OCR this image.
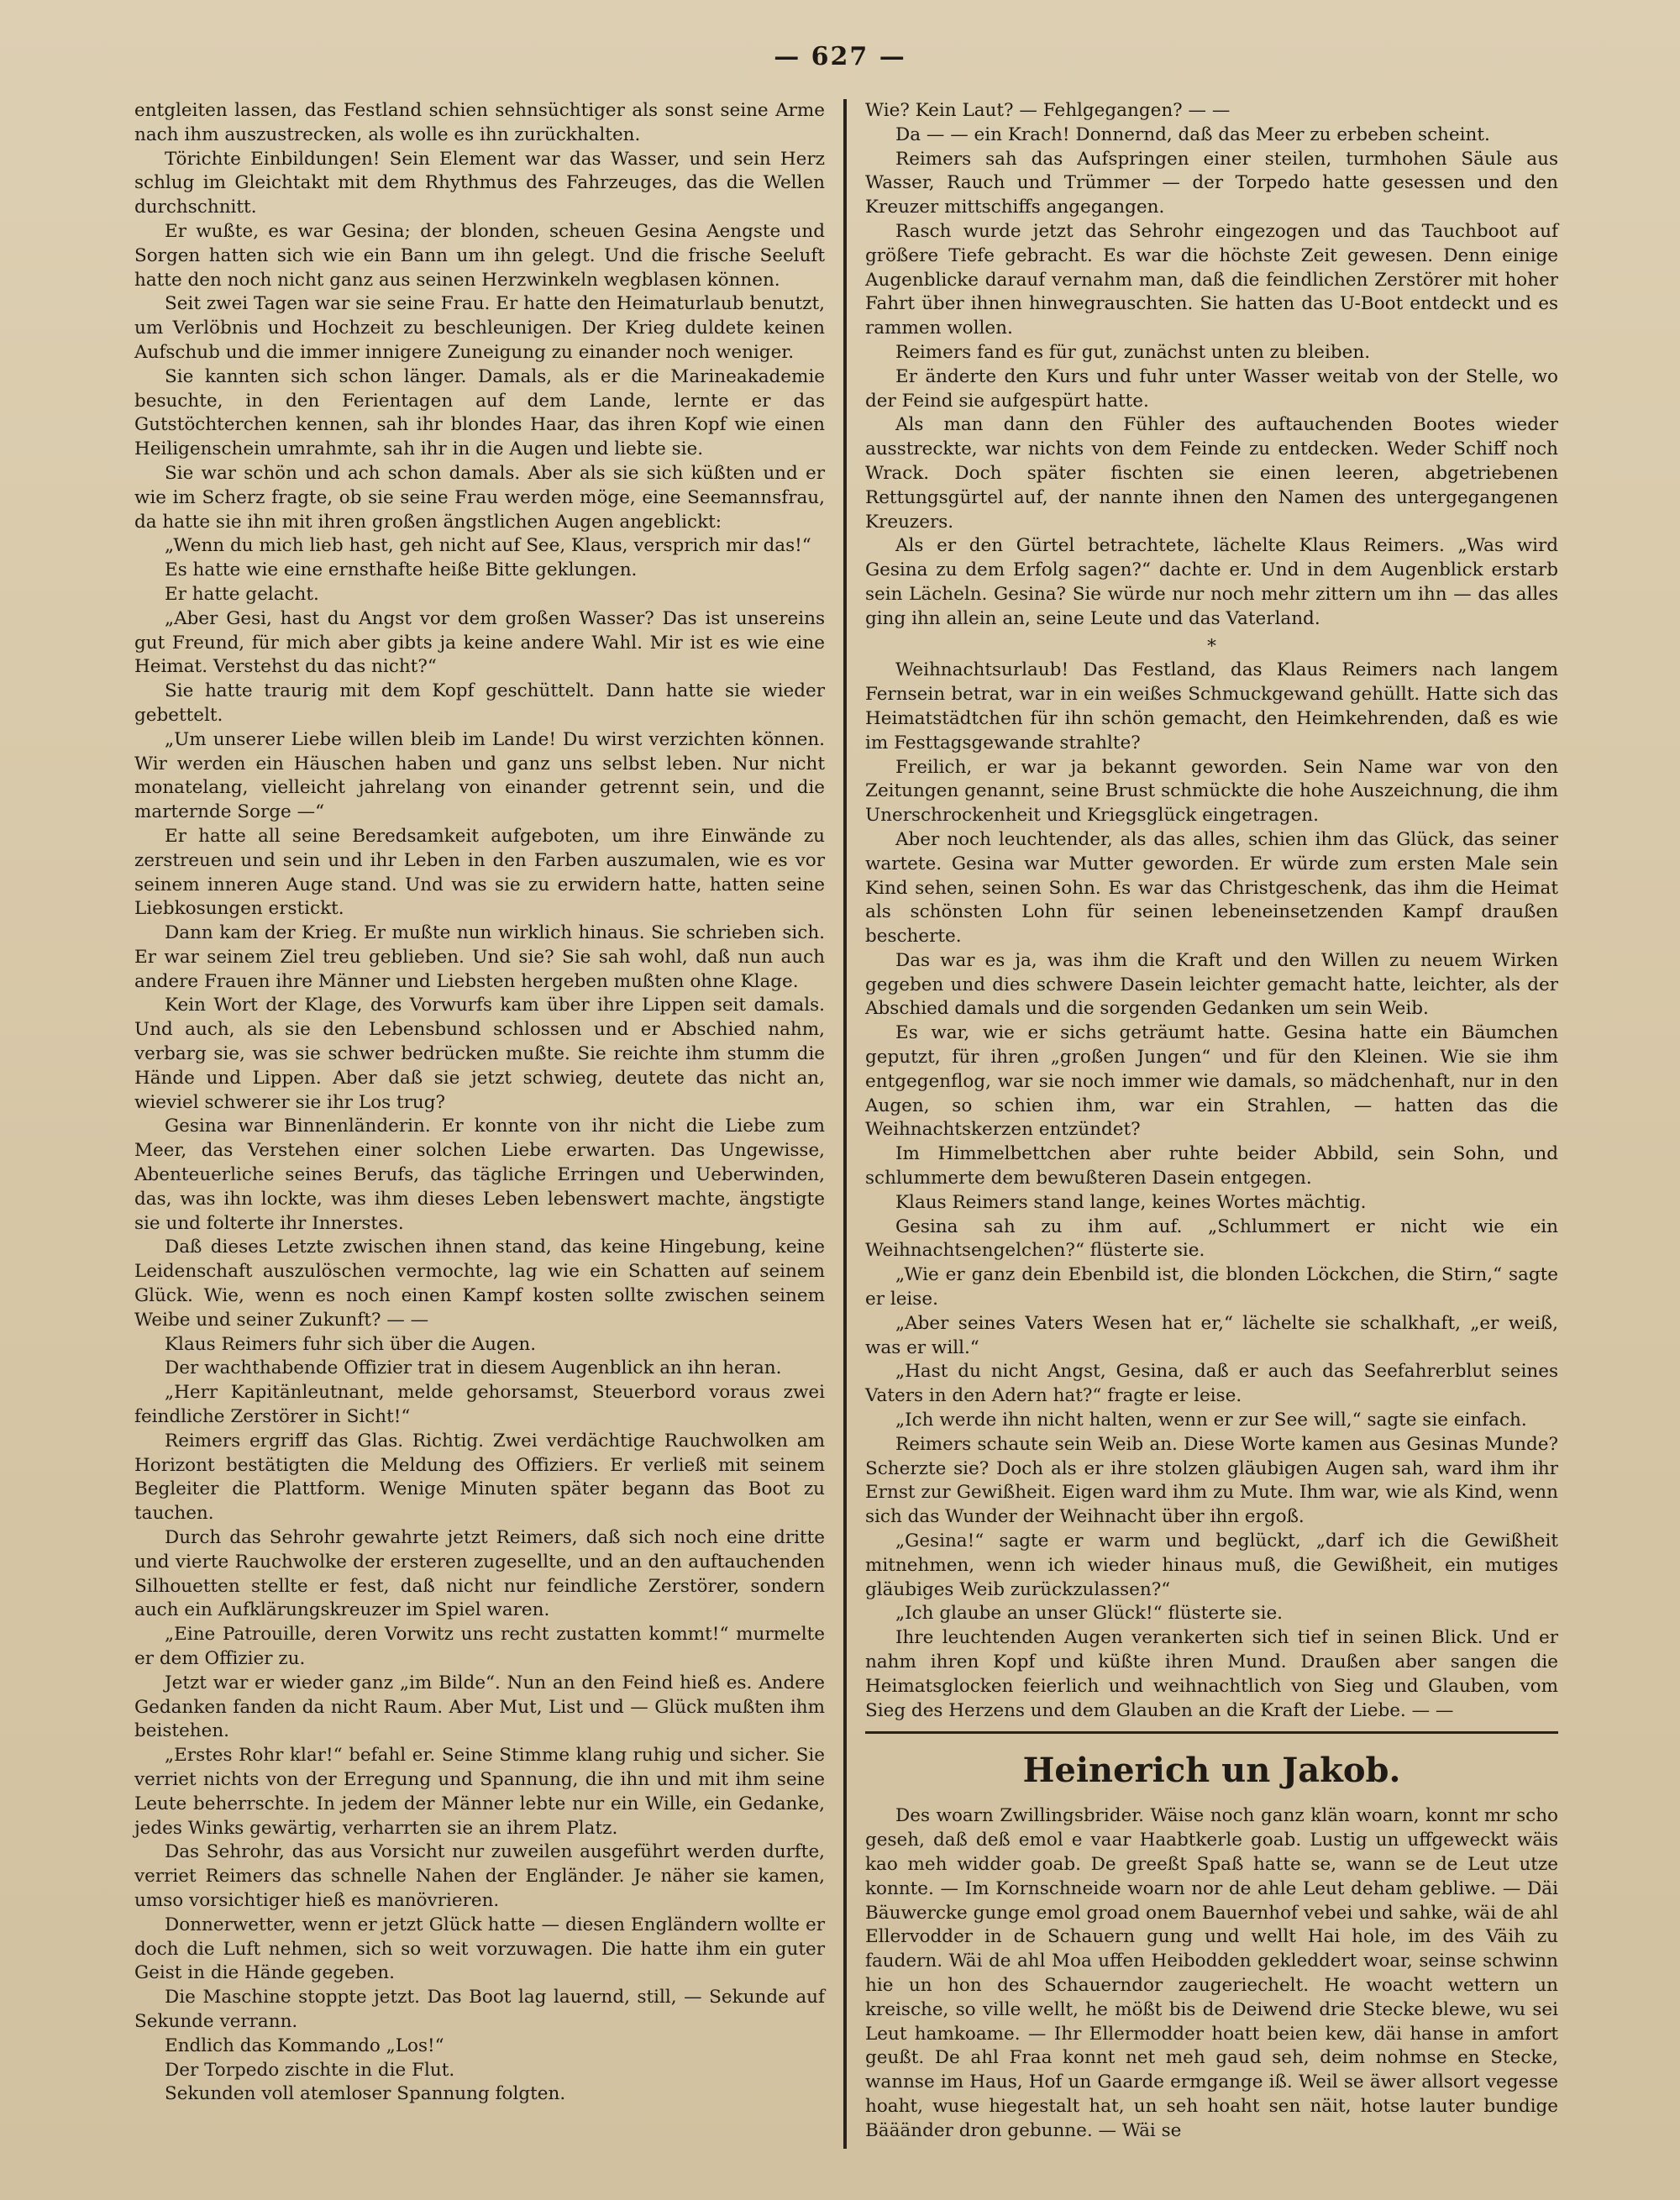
— 627 —

entgleiten lassen, das Festland schien sehnsüchtiger als sonst seine Arme nach ihm auszustrecken, als wolle es ihn zurückhalten.

Törichte Einbildungen! Sein Element war das Wasser, und sein Herz schlug im Gleichtakt mit dem Rhythmus des Fahrzeuges, das die Wellen durchschnitt.

Er wußte, es war Gesina; der blonden, scheuen Gesina Aengste und Sorgen hatten sich wie ein Bann um ihn gelegt. Und die frische Seeluft hatte den noch nicht ganz aus seinen Herzwinkeln wegblasen können.

Seit zwei Tagen war sie seine Frau. Er hatte den Heimaturlaub benutzt, um Verlöbnis und Hochzeit zu beschleunigen. Der Krieg duldete keinen Aufschub und die immer innigere Zuneigung zu einander noch weniger.

Sie kannten sich schon länger. Damals, als er die Marineakademie besuchte, in den Ferientagen auf dem Lande, lernte er das Gutstöchterchen kennen, sah ihr blondes Haar, das ihren Kopf wie einen Heiligenschein umrahmte, sah ihr in die Augen und liebte sie.

Sie war schön und ach schon damals. Aber als sie sich küßten und er wie im Scherz fragte, ob sie seine Frau werden möge, eine Seemannsfrau, da hatte sie ihn mit ihren großen ängstlichen Augen angeblickt:

„Wenn du mich lieb hast, geh nicht auf See, Klaus, versprich mir das!“

Es hatte wie eine ernsthafte heiße Bitte geklungen.

Er hatte gelacht.

„Aber Gesi, hast du Angst vor dem großen Wasser? Das ist unsereins gut Freund, für mich aber gibts ja keine andere Wahl. Mir ist es wie eine Heimat. Verstehst du das nicht?“

Sie hatte traurig mit dem Kopf geschüttelt. Dann hatte sie wieder gebettelt.

„Um unserer Liebe willen bleib im Lande! Du wirst verzichten können. Wir werden ein Häuschen haben und ganz uns selbst leben. Nur nicht monatelang, vielleicht jahrelang von einander getrennt sein, und die marternde Sorge —“

Er hatte all seine Beredsamkeit aufgeboten, um ihre Einwände zu zerstreuen und sein und ihr Leben in den Farben auszumalen, wie es vor seinem inneren Auge stand. Und was sie zu erwidern hatte, hatten seine Liebkosungen erstickt.

Dann kam der Krieg. Er mußte nun wirklich hinaus. Sie schrieben sich. Er war seinem Ziel treu geblieben. Und sie? Sie sah wohl, daß nun auch andere Frauen ihre Männer und Liebsten hergeben mußten ohne Klage.

Kein Wort der Klage, des Vorwurfs kam über ihre Lippen seit damals. Und auch, als sie den Lebensbund schlossen und er Abschied nahm, verbarg sie, was sie schwer bedrücken mußte. Sie reichte ihm stumm die Hände und Lippen. Aber daß sie jetzt schwieg, deutete das nicht an, wieviel schwerer sie ihr Los trug?

Gesina war Binnenländerin. Er konnte von ihr nicht die Liebe zum Meer, das Verstehen einer solchen Liebe erwarten. Das Ungewisse, Abenteuerliche seines Berufs, das tägliche Erringen und Ueberwinden, das, was ihn lockte, was ihm dieses Leben lebenswert machte, ängstigte sie und folterte ihr Innerstes.

Daß dieses Letzte zwischen ihnen stand, das keine Hingebung, keine Leidenschaft auszulöschen vermochte, lag wie ein Schatten auf seinem Glück. Wie, wenn es noch einen Kampf kosten sollte zwischen seinem Weibe und seiner Zukunft? — —

Klaus Reimers fuhr sich über die Augen.

Der wachthabende Offizier trat in diesem Augenblick an ihn heran.

„Herr Kapitänleutnant, melde gehorsamst, Steuerbord voraus zwei feindliche Zerstörer in Sicht!“

Reimers ergriff das Glas. Richtig. Zwei verdächtige Rauchwolken am Horizont bestätigten die Meldung des Offiziers. Er verließ mit seinem Begleiter die Plattform. Wenige Minuten später begann das Boot zu tauchen.

Durch das Sehrohr gewahrte jetzt Reimers, daß sich noch eine dritte und vierte Rauchwolke der ersteren zugesellte, und an den auftauchenden Silhouetten stellte er fest, daß nicht nur feindliche Zerstörer, sondern auch ein Aufklärungskreuzer im Spiel waren.

„Eine Patrouille, deren Vorwitz uns recht zustatten kommt!“ murmelte er dem Offizier zu.

Jetzt war er wieder ganz „im Bilde“. Nun an den Feind hieß es. Andere Gedanken fanden da nicht Raum. Aber Mut, List und — Glück mußten ihm beistehen.

„Erstes Rohr klar!“ befahl er. Seine Stimme klang ruhig und sicher. Sie verriet nichts von der Erregung und Spannung, die ihn und mit ihm seine Leute beherrschte. In jedem der Männer lebte nur ein Wille, ein Gedanke, jedes Winks gewärtig, verharrten sie an ihrem Platz.

Das Sehrohr, das aus Vorsicht nur zuweilen ausgeführt werden durfte, verriet Reimers das schnelle Nahen der Engländer. Je näher sie kamen, umso vorsichtiger hieß es manövrieren.

Donnerwetter, wenn er jetzt Glück hatte — diesen Engländern wollte er doch die Luft nehmen, sich so weit vorzuwagen. Die hatte ihm ein guter Geist in die Hände gegeben.

Die Maschine stoppte jetzt. Das Boot lag lauernd, still, — Sekunde auf Sekunde verrann.

Endlich das Kommando „Los!“

Der Torpedo zischte in die Flut.

Sekunden voll atemloser Spannung folgten.

Wie? Kein Laut? — Fehlgegangen? — —

Da — — ein Krach! Donnernd, daß das Meer zu erbeben scheint.

Reimers sah das Aufspringen einer steilen, turmhohen Säule aus Wasser, Rauch und Trümmer — der Torpedo hatte gesessen und den Kreuzer mittschiffs angegangen.

Rasch wurde jetzt das Sehrohr eingezogen und das Tauchboot auf größere Tiefe gebracht. Es war die höchste Zeit gewesen. Denn einige Augenblicke darauf vernahm man, daß die feindlichen Zerstörer mit hoher Fahrt über ihnen hinwegrauschten. Sie hatten das U-Boot entdeckt und es rammen wollen.

Reimers fand es für gut, zunächst unten zu bleiben.

Er änderte den Kurs und fuhr unter Wasser weitab von der Stelle, wo der Feind sie aufgespürt hatte.

Als man dann den Fühler des auftauchenden Bootes wieder ausstreckte, war nichts von dem Feinde zu entdecken. Weder Schiff noch Wrack. Doch später fischten sie einen leeren, abgetriebenen Rettungsgürtel auf, der nannte ihnen den Namen des untergegangenen Kreuzers.

Als er den Gürtel betrachtete, lächelte Klaus Reimers. „Was wird Gesina zu dem Erfolg sagen?“ dachte er. Und in dem Augenblick erstarb sein Lächeln. Gesina? Sie würde nur noch mehr zittern um ihn — das alles ging ihn allein an, seine Leute und das Vaterland.

*

Weihnachtsurlaub! Das Festland, das Klaus Reimers nach langem Fernsein betrat, war in ein weißes Schmuckgewand gehüllt. Hatte sich das Heimatstädtchen für ihn schön gemacht, den Heimkehrenden, daß es wie im Festtagsgewande strahlte?

Freilich, er war ja bekannt geworden. Sein Name war von den Zeitungen genannt, seine Brust schmückte die hohe Auszeichnung, die ihm Unerschrockenheit und Kriegsglück eingetragen.

Aber noch leuchtender, als das alles, schien ihm das Glück, das seiner wartete. Gesina war Mutter geworden. Er würde zum ersten Male sein Kind sehen, seinen Sohn. Es war das Christgeschenk, das ihm die Heimat als schönsten Lohn für seinen lebeneinsetzenden Kampf draußen bescherte.

Das war es ja, was ihm die Kraft und den Willen zu neuem Wirken gegeben und dies schwere Dasein leichter gemacht hatte, leichter, als der Abschied damals und die sorgenden Gedanken um sein Weib.

Es war, wie er sichs geträumt hatte. Gesina hatte ein Bäumchen geputzt, für ihren „großen Jungen“ und für den Kleinen. Wie sie ihm entgegenflog, war sie noch immer wie damals, so mädchenhaft, nur in den Augen, so schien ihm, war ein Strahlen, — hatten das die Weihnachtskerzen entzündet?

Im Himmelbettchen aber ruhte beider Abbild, sein Sohn, und schlummerte dem bewußteren Dasein entgegen.

Klaus Reimers stand lange, keines Wortes mächtig.

Gesina sah zu ihm auf. „Schlummert er nicht wie ein Weihnachtsengelchen?“ flüsterte sie.

„Wie er ganz dein Ebenbild ist, die blonden Löckchen, die Stirn,“ sagte er leise.

„Aber seines Vaters Wesen hat er,“ lächelte sie schalkhaft, „er weiß, was er will.“

„Hast du nicht Angst, Gesina, daß er auch das Seefahrerblut seines Vaters in den Adern hat?“ fragte er leise.

„Ich werde ihn nicht halten, wenn er zur See will,“ sagte sie einfach.

Reimers schaute sein Weib an. Diese Worte kamen aus Gesinas Munde? Scherzte sie? Doch als er ihre stolzen gläubigen Augen sah, ward ihm ihr Ernst zur Gewißheit. Eigen ward ihm zu Mute. Ihm war, wie als Kind, wenn sich das Wunder der Weihnacht über ihn ergoß.

„Gesina!“ sagte er warm und beglückt, „darf ich die Gewißheit mitnehmen, wenn ich wieder hinaus muß, die Gewißheit, ein mutiges gläubiges Weib zurückzulassen?“

„Ich glaube an unser Glück!“ flüsterte sie.

Ihre leuchtenden Augen verankerten sich tief in seinen Blick. Und er nahm ihren Kopf und küßte ihren Mund. Draußen aber sangen die Heimatsglocken feierlich und weihnachtlich von Sieg und Glauben, vom Sieg des Herzens und dem Glauben an die Kraft der Liebe. — —

Heinerich un Jakob.

Des woarn Zwillingsbrider. Wäise noch ganz klän woarn, konnt mr scho geseh, daß deß emol e vaar Haabtkerle goab. Lustig un uffgeweckt wäis kao meh widder goab. De greeßt Spaß hatte se, wann se de Leut utze konnte. — Im Kornschneide woarn nor de ahle Leut deham gebliwe. — Däi Bäuwercke gunge emol groad onem Bauernhof vebei und sahke, wäi de ahl Ellervodder in de Schauern gung und wellt Hai hole, im des Väih zu faudern. Wäi de ahl Moa uffen Heibodden gekleddert woar, seinse schwinn hie un hon des Schauerndor zaugeriechelt. He woacht wettern un kreische, so ville wellt, he mößt bis de Deiwend drie Stecke blewe, wu sei Leut hamkoame. — Ihr Ellermodder hoatt beien kew, däi hanse in amfort geußt. De ahl Fraa konnt net meh gaud seh, deim nohmse en Stecke, wannse im Haus, Hof un Gaarde ermgange iß. Weil se äwer allsort vegesse hoaht, wuse hiegestalt hat, un seh hoaht sen näit, hotse lauter bundige Bääänder dron gebunne. — Wäi se
